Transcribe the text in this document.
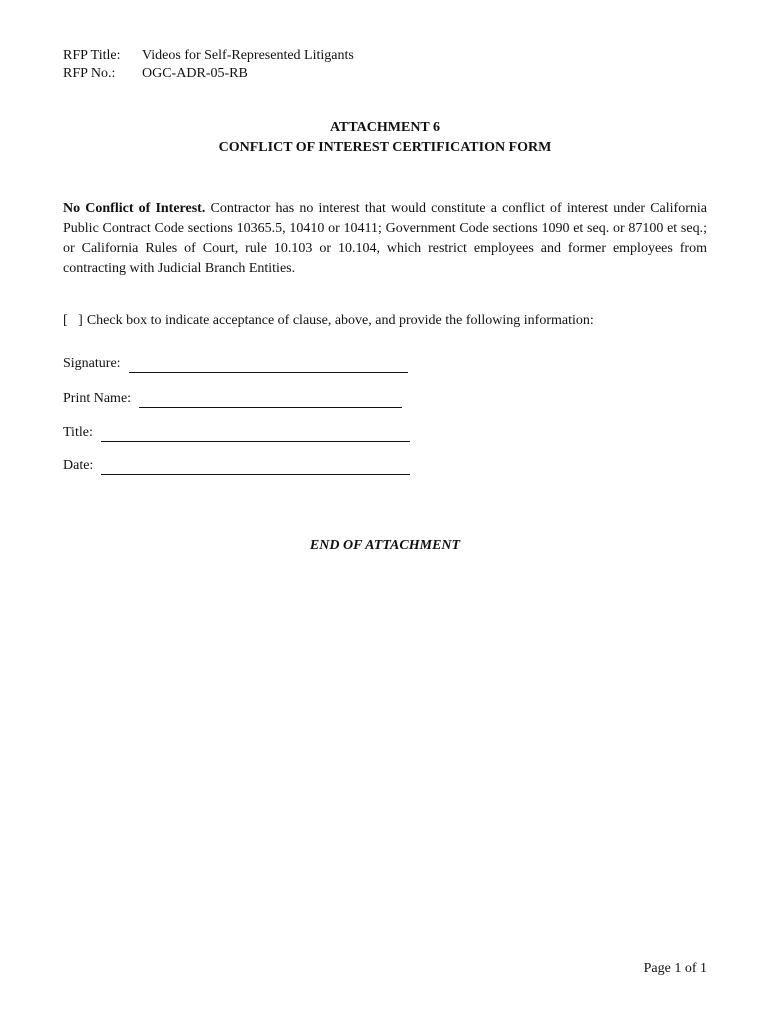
RFP Title:	Videos for Self-Represented Litigants
RFP No.:	OGC-ADR-05-RB
ATTACHMENT 6
CONFLICT OF INTEREST CERTIFICATION FORM
No Conflict of Interest. Contractor has no interest that would constitute a conflict of interest under California Public Contract Code sections 10365.5, 10410 or 10411; Government Code sections 1090 et seq. or 87100 et seq.; or California Rules of Court, rule 10.103 or 10.104, which restrict employees and former employees from contracting with Judicial Branch Entities.
[   ] Check box to indicate acceptance of clause, above, and provide the following information:
Signature:
Print Name:
Title:
Date:
END OF ATTACHMENT
Page 1 of 1
